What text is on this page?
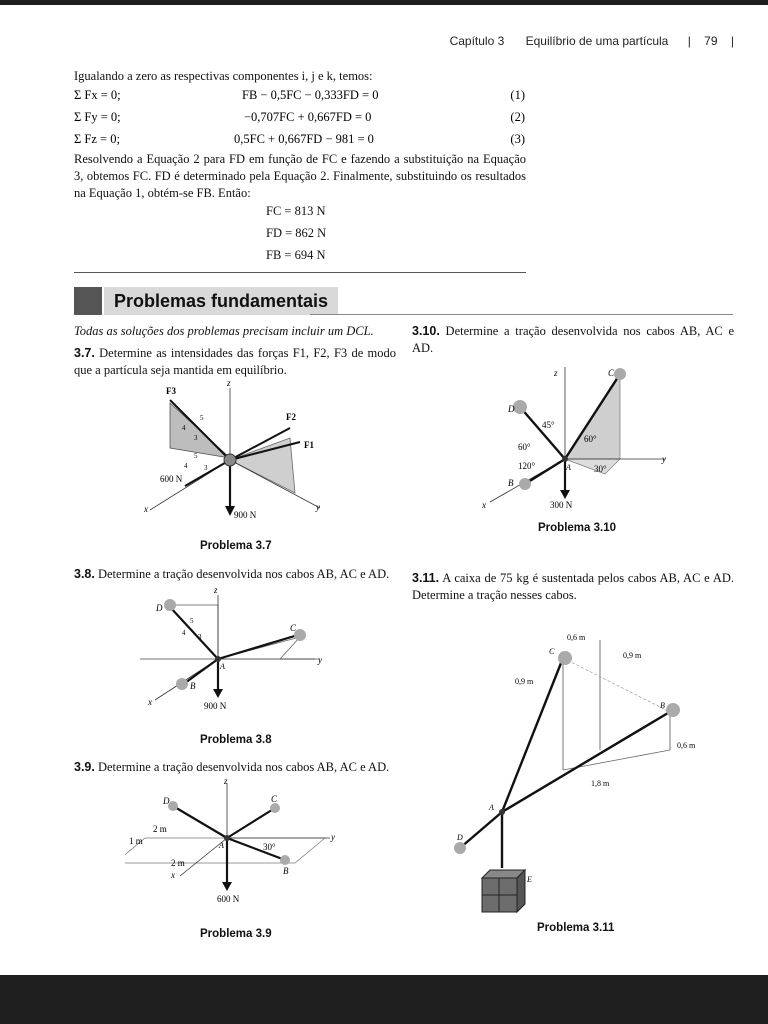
Capítulo 3 Equilíbrio de uma partícula | 79 |
Igualando a zero as respectivas componentes i, j e k, temos:
Σ Fx = 0;	FB − 0,5FC − 0,333FD = 0	(1)
Σ Fy = 0;	−0,707FC + 0,667FD = 0	(2)
Σ Fz = 0;	0,5FC + 0,667FD − 981 = 0	(3)
Resolvendo a Equação 2 para FD em função de FC e fazendo a substituição na Equação 3, obtemos FC. FD é determinado pela Equação 2. Finalmente, substituindo os resultados na Equação 1, obtém-se FB. Então:
FC = 813 N
FD = 862 N
FB = 694 N
Problemas fundamentais
Todas as soluções dos problemas precisam incluir um DCL.
3.7. Determine as intensidades das forças F1, F2, F3 de modo que a partícula seja mantida em equilíbrio.
F3
F2
F1
600 N
900 N
x	y
z
5
4
3
5
3
4
Problema 3.7
3.8. Determine a tração desenvolvida nos cabos AB, AC e AD.
D
C
B
A
900 N
x
y
z
5
4 3
Problema 3.8
3.9. Determine a tração desenvolvida nos cabos AB, AC e AD.
D	C
B
A
600 N
x
y
z
2 m
1 m
2 m
30°
Problema 3.9
3.10. Determine a tração desenvolvida nos cabos AB, AC e AD.
C
D
B
A
300 N
x
y
z
45°
60°
60°
120°	30°
Problema 3.10
3.11. A caixa de 75 kg é sustentada pelos cabos AB, AC e AD. Determine a tração nesses cabos.
C
B
A
D
E
0,6 m
0,9 m
0,9 m
0,6 m
1,8 m
Problema 3.11
